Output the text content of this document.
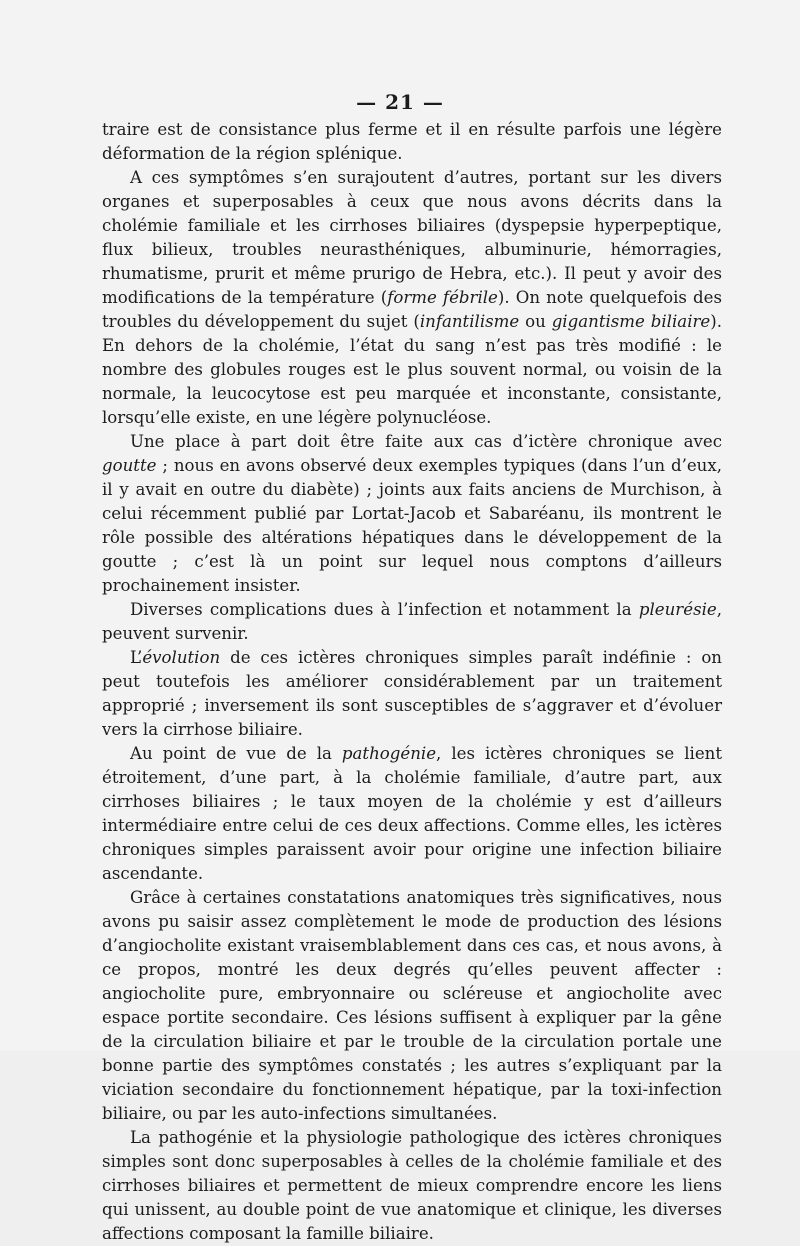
— 21 —

traire est de consistance plus ferme et il en résulte parfois une légère déformation de la région splénique.

A ces symptômes s’en surajoutent d’autres, portant sur les divers organes et superposables à ceux que nous avons décrits dans la cholémie familiale et les cirrhoses biliaires (dyspepsie hyperpeptique, flux bilieux, troubles neurasthéniques, albuminurie, hémorragies, rhumatisme, prurit et même prurigo de Hebra, etc.). Il peut y avoir des modifications de la température (forme fébrile). On note quelquefois des troubles du développement du sujet (infantilisme ou gigantisme biliaire). En dehors de la cholémie, l’état du sang n’est pas très modifié : le nombre des globules rouges est le plus souvent normal, ou voisin de la normale, la leucocytose est peu marquée et inconstante, consistante, lorsqu’elle existe, en une légère polynucléose.

Une place à part doit être faite aux cas d’ictère chronique avec goutte ; nous en avons observé deux exemples typiques (dans l’un d’eux, il y avait en outre du diabète) ; joints aux faits anciens de Murchison, à celui récemment publié par Lortat-Jacob et Sabaréanu, ils montrent le rôle possible des altérations hépatiques dans le développement de la goutte ; c’est là un point sur lequel nous comptons d’ailleurs prochainement insister.

Diverses complications dues à l’infection et notamment la pleurésie, peuvent survenir.

L’évolution de ces ictères chroniques simples paraît indéfinie : on peut toutefois les améliorer considérablement par un traitement approprié ; inversement ils sont susceptibles de s’aggraver et d’évoluer vers la cirrhose biliaire.

Au point de vue de la pathogénie, les ictères chroniques se lient étroitement, d’une part, à la cholémie familiale, d’autre part, aux cirrhoses biliaires ; le taux moyen de la cholémie y est d’ailleurs intermédiaire entre celui de ces deux affections. Comme elles, les ictères chroniques simples paraissent avoir pour origine une infection biliaire ascendante.

Grâce à certaines constatations anatomiques très significatives, nous avons pu saisir assez complètement le mode de production des lésions d’angiocholite existant vraisemblablement dans ces cas, et nous avons, à ce propos, montré les deux degrés qu’elles peuvent affecter : angiocholite pure, embryonnaire ou scléreuse et angiocholite avec espace portite secondaire. Ces lésions suffisent à expliquer par la gêne de la circulation biliaire et par le trouble de la circulation portale une bonne partie des symptômes constatés ; les autres s’expliquant par la viciation secondaire du fonctionnement hépatique, par la toxi-infection biliaire, ou par les auto-infections simultanées.

La pathogénie et la physiologie pathologique des ictères chroniques simples sont donc superposables à celles de la cholémie familiale et des cirrhoses biliaires et permettent de mieux comprendre encore les liens qui unissent, au double point de vue anatomique et clinique, les diverses affections composant la famille biliaire.
